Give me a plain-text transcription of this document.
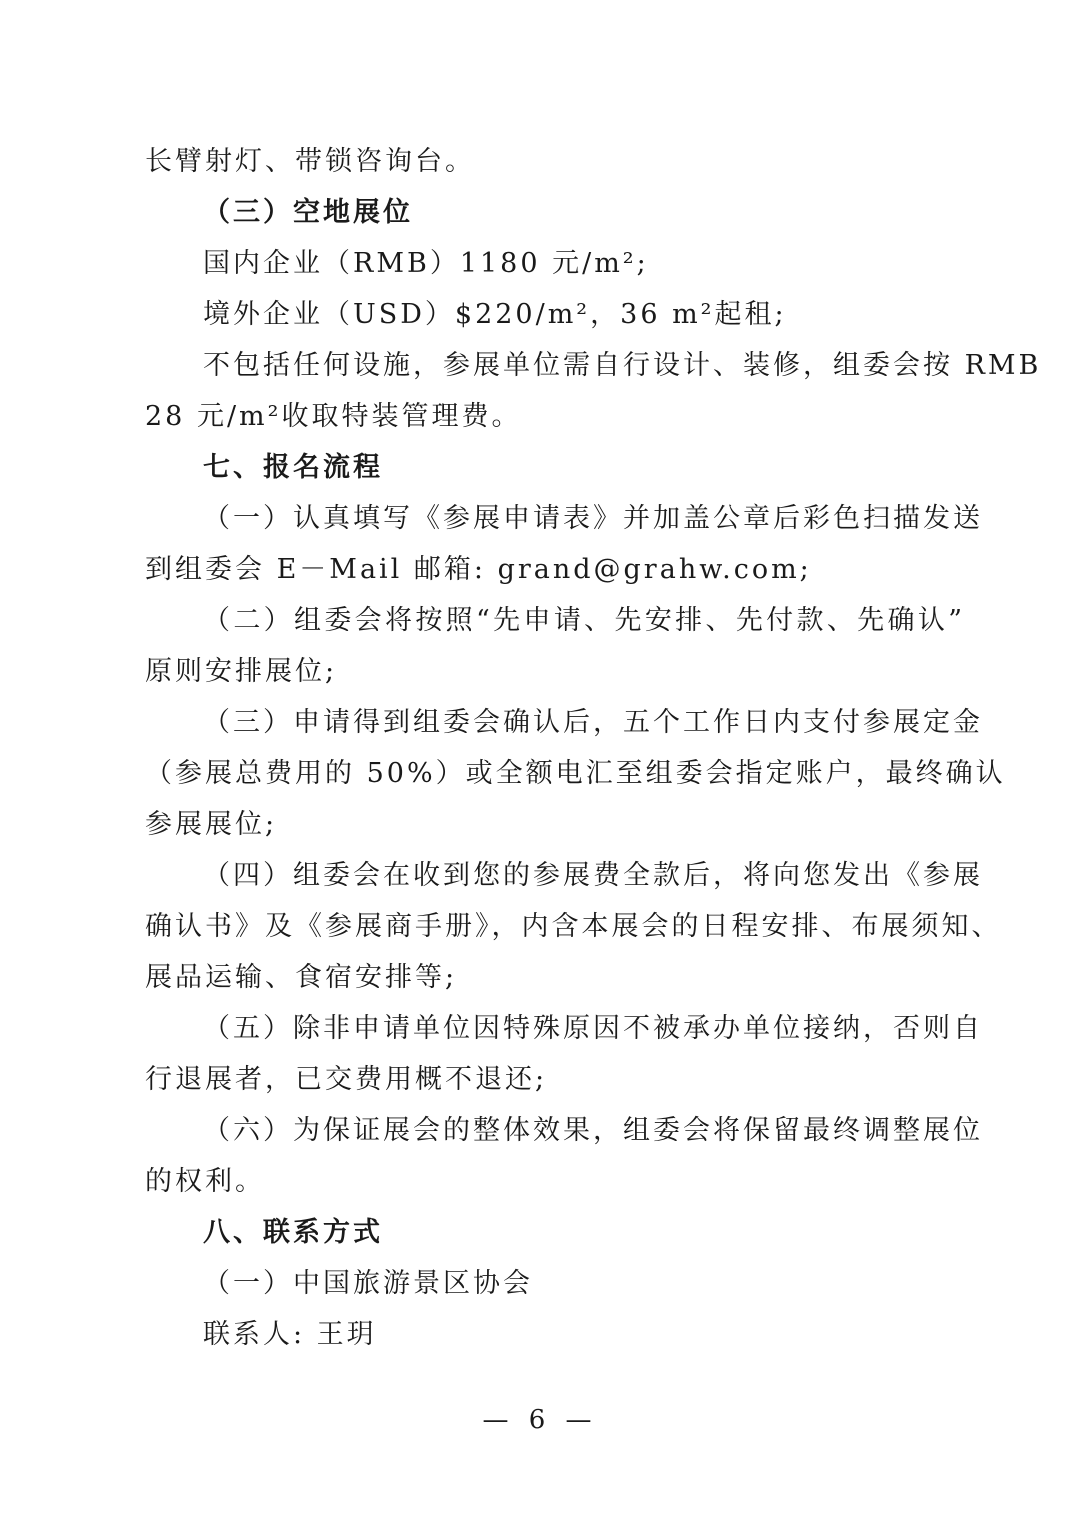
长臂射灯、带锁咨询台。
（三）空地展位
国内企业（RMB）1180 元/m²;
境外企业（USD）$220/m²，36 m²起租;
不包括任何设施，参展单位需自行设计、装修，组委会按 RMB
28 元/m²收取特装管理费。
七、报名流程
（一）认真填写《参展申请表》并加盖公章后彩色扫描发送
到组委会 E－Mail 邮箱: grand@grahw.com;
（二）组委会将按照“先申请、先安排、先付款、先确认”
原则安排展位;
（三）申请得到组委会确认后，五个工作日内支付参展定金
（参展总费用的 50%）或全额电汇至组委会指定账户，最终确认
参展展位;
（四）组委会在收到您的参展费全款后，将向您发出《参展
确认书》及《参展商手册》，内含本展会的日程安排、布展须知、
展品运输、食宿安排等;
（五）除非申请单位因特殊原因不被承办单位接纳，否则自
行退展者，已交费用概不退还;
（六）为保证展会的整体效果，组委会将保留最终调整展位
的权利。
八、联系方式
（一）中国旅游景区协会
联系人: 王玥
— 6 —
